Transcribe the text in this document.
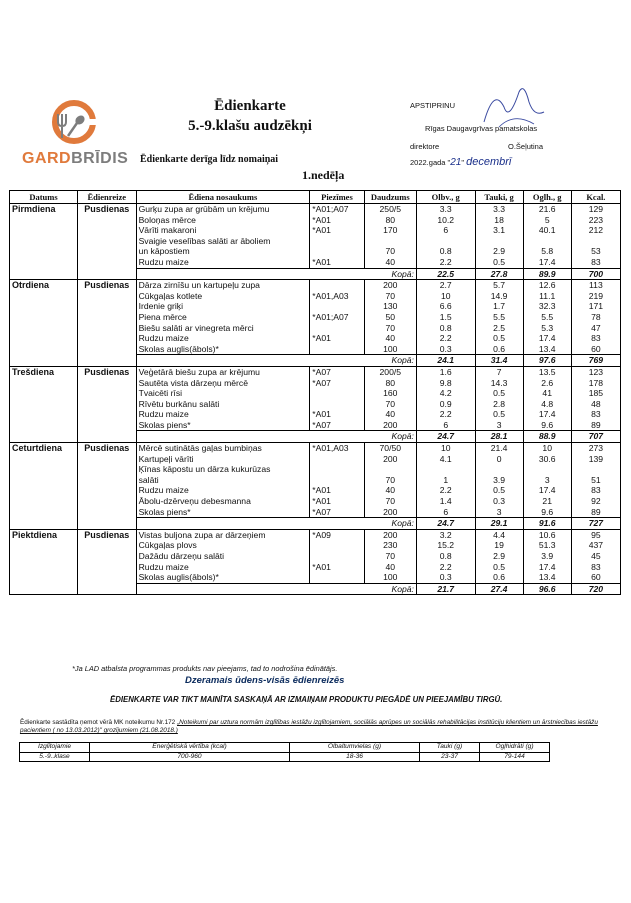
GARDBRĪDIS
Ēdienkarte
5.-9.klašu audzēkņi
Ēdienkarte derīga līdz nomaiņai
1.nedēļa
APSTIPRINU
Rīgas Daugavgrīvas pamatskolas
direktore	O.Šeļutina
2022.gada "21" decembrī
Datums	Ēdienreize	Ēdiena nosaukums	Piezīmes	Daudzums	Olbv., g	Tauki, g	Oglh., g	Kcal.
Pirmdiena	Pusdienas	Gurķu zupa ar grūbām un krējumu	*A01;A07	250/5	3.3	3.3	21.6	129
		Boloņas mērce	*A01	80	10.2	18	5	223
		Vārīti makaroni	*A01	170	6	3.1	40.1	212
		Svaigie veselības salāti ar āboliem						
		un kāpostiem		70	0.8	2.9	5.8	53
		Rudzu maize	*A01	40	2.2	0.5	17.4	83
				Kopā:	22.5	27.8	89.9	700
Otrdiena	Pusdienas	Dārza zirnīšu un kartupeļu zupa		200	2.7	5.7	12.6	113
		Cūkgaļas kotlete	*A01,A03	70	10	14.9	11.1	219
		Irdenie griķi		130	6.6	1.7	32.3	171
		Piena mērce	*A01;A07	50	1.5	5.5	5.5	78
		Biešu salāti ar vinegreta mērci		70	0.8	2.5	5.3	47
		Rudzu maize	*A01	40	2.2	0.5	17.4	83
		Skolas auglis(ābols)*		100	0.3	0.6	13.4	60
				Kopā:	24.1	31.4	97.6	769
Trešdiena	Pusdienas	Veģetārā biešu zupa ar krējumu	*A07	200/5	1.6	7	13.5	123
		Sautēta vista dārzeņu mērcē	*A07	80	9.8	14.3	2.6	178
		Tvaicēti rīsi		160	4.2	0.5	41	185
		Rīvētu burkānu salāti		70	0.9	2.8	4.8	48
		Rudzu maize	*A01	40	2.2	0.5	17.4	83
		Skolas piens*	*A07	200	6	3	9.6	89
				Kopā:	24.7	28.1	88.9	707
Ceturtdiena	Pusdienas	Mērcē sutinātās gaļas bumbiņas	*A01,A03	70/50	10	21.4	10	273
		Kartupeļi vārīti		200	4.1	0	30.6	139
		Ķīnas kāpostu un dārza kukurūzas						
		salāti		70	1	3.9	3	51
		Rudzu maize	*A01	40	2.2	0.5	17.4	83
		Ābolu-dzērveņu debesmanna	*A01	70	1.4	0.3	21	92
		Skolas piens*	*A07	200	6	3	9.6	89
				Kopā:	24.7	29.1	91.6	727
Piektdiena	Pusdienas	Vistas buljona zupa ar dārzeņiem	*A09	200	3.2	4.4	10.6	95
		Cūkgaļas plovs		230	15.2	19	51.3	437
		Dažādu dārzeņu salāti		70	0.8	2.9	3.9	45
		Rudzu maize	*A01	40	2.2	0.5	17.4	83
		Skolas auglis(ābols)*		100	0.3	0.6	13.4	60
				Kopā:	21.7	27.4	96.6	720
*Ja LAD atbalsta programmas produkts nav pieejams, tad to nodrošina ēdinātājs.
Dzeramais ūdens-visās ēdienreizēs
ĒDIENKARTE VAR TIKT MAINĪTA SASKAŅĀ AR IZMAIŅAM PRODUKTU PIEGĀDĒ UN PIEEJAMĪBU TIRGŪ.
Ēdienkarte sastādīta ņemot vērā MK noteikumu Nr.172 „Noteikumi par uztura normām izglītības iestāžu izglītojamiem, sociālās aprūpes un sociālās rehabilitācijas institūciju klientiem un ārstniecības iestāžu pacientiem ( no 13.03.2012)" grozījumiem (21.08.2018.)
Izglītojamie	Enerģētiskā vērtība (kcal)	Olbaltumvielas (g)	Tauki (g)	Ogļhidrāti (g)
5.-9..klase	700-960	18-36	23-37	79-144
